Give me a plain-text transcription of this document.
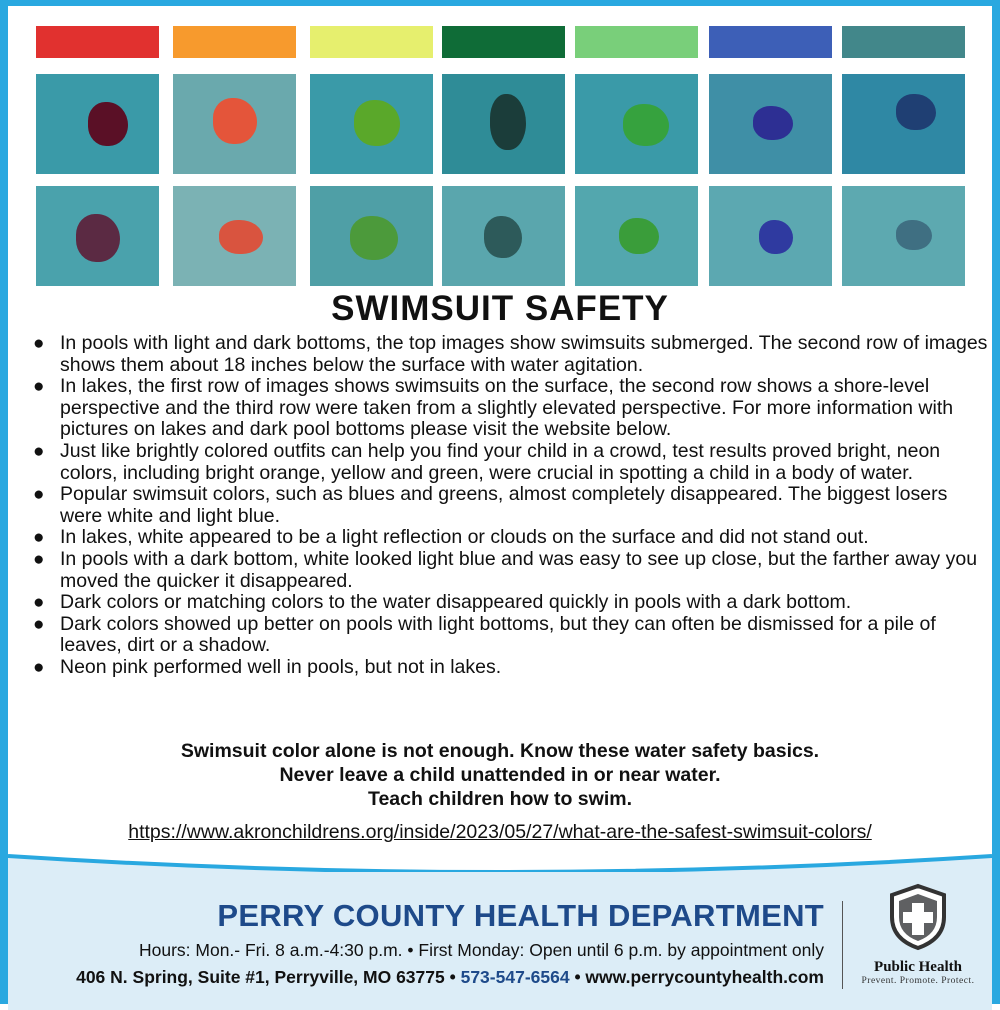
SWIMSUIT SAFETY
● In pools with light and dark bottoms, the top images show swimsuits submerged. The second row of images shows them about 18 inches below the surface with water agitation.
● In lakes, the first row of images shows swimsuits on the surface, the second row shows a shore-level perspective and the third row were taken from a slightly elevated perspective. For more information with pictures on lakes and dark pool bottoms please visit the website below.
● Just like brightly colored outfits can help you find your child in a crowd, test results proved bright, neon colors, including bright orange, yellow and green, were crucial in spotting a child in a body of water.
● Popular swimsuit colors, such as blues and greens, almost completely disappeared. The biggest losers were white and light blue.
● In lakes, white appeared to be a light reflection or clouds on the surface and did not stand out.
● In pools with a dark bottom, white looked light blue and was easy to see up close, but the farther away you moved the quicker it disappeared.
● Dark colors or matching colors to the water disappeared quickly in pools with a dark bottom.
● Dark colors showed up better on pools with light bottoms, but they can often be dismissed for a pile of leaves, dirt or a shadow.
● Neon pink performed well in pools, but not in lakes.
Swimsuit color alone is not enough. Know these water safety basics.
Never leave a child unattended in or near water.
Teach children how to swim.
https://www.akronchildrens.org/inside/2023/05/27/what-are-the-safest-swimsuit-colors/
PERRY COUNTY HEALTH DEPARTMENT
Hours: Mon.- Fri. 8 a.m.-4:30 p.m. • First Monday: Open until 6 p.m. by appointment only
406 N. Spring, Suite #1, Perryville, MO 63775 • 573-547-6564 • www.perrycountyhealth.com	Public Health
Prevent. Promote. Protect.
